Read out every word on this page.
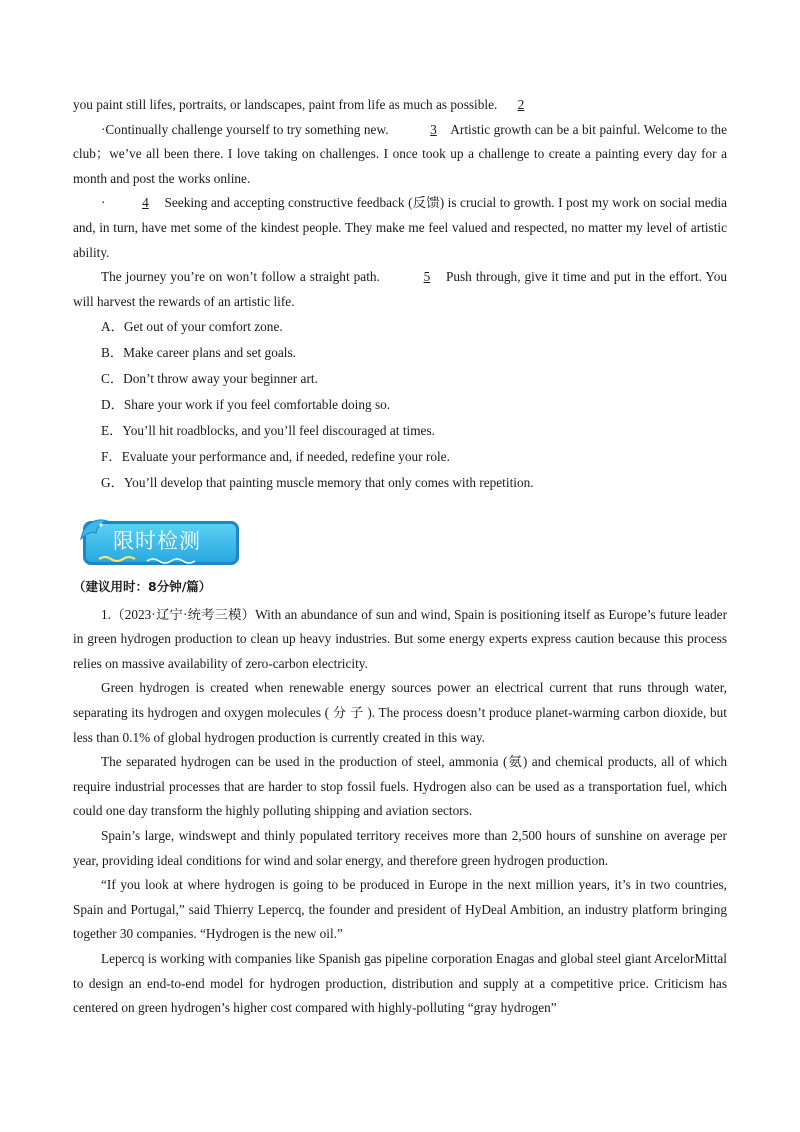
you paint still lifes, portraits, or landscapes, paint from life as much as possible. 2

·Continually challenge yourself to try something new.	3 Artistic growth can be a bit painful. Welcome to the club；we’ve all been there. I love taking on challenges. I once took up a challenge to create a painting every day for a month and post the works online.

·	4 Seeking and accepting constructive feedback (反馈) is crucial to growth. I post my work on social media and, in turn, have met some of the kindest people. They make me feel valued and respected, no matter my level of artistic ability.

The journey you’re on won’t follow a straight path.	5 Push through, give it time and put in the effort. You will harvest the rewards of an artistic life.

A．Get out of your comfort zone.

B．Make career plans and set goals.

C．Don’t throw away your beginner art.

D．Share your work if you feel comfortable doing so.

E．You’ll hit roadblocks, and you’ll feel discouraged at times.

F．Evaluate your performance and, if needed, redefine your role.

G．You’ll develop that painting muscle memory that only comes with repetition.

限时检测

（建议用时：8分钟/篇）

1.（2023·辽宁·统考三模）With an abundance of sun and wind, Spain is positioning itself as Europe’s future leader in green hydrogen production to clean up heavy industries. But some energy experts express caution because this process relies on massive availability of zero-carbon electricity.

Green hydrogen is created when renewable energy sources power an electrical current that runs through water, separating its hydrogen and oxygen molecules ( 分 子 ). The process doesn’t produce planet-warming carbon dioxide, but less than 0.1% of global hydrogen production is currently created in this way.

The separated hydrogen can be used in the production of steel, ammonia (氨) and chemical products, all of which require industrial processes that are harder to stop fossil fuels. Hydrogen also can be used as a transportation fuel, which could one day transform the highly polluting shipping and aviation sectors.

Spain’s large, windswept and thinly populated territory receives more than 2,500 hours of sunshine on average per year, providing ideal conditions for wind and solar energy, and therefore green hydrogen production.

“If you look at where hydrogen is going to be produced in Europe in the next million years, it’s in two countries, Spain and Portugal,” said Thierry Lepercq, the founder and president of HyDeal Ambition, an industry platform bringing together 30 companies. “Hydrogen is the new oil.”

Lepercq is working with companies like Spanish gas pipeline corporation Enagas and global steel giant ArcelorMittal to design an end-to-end model for hydrogen production, distribution and supply at a competitive price. Criticism has centered on green hydrogen’s higher cost compared with highly-polluting “gray hydrogen”
